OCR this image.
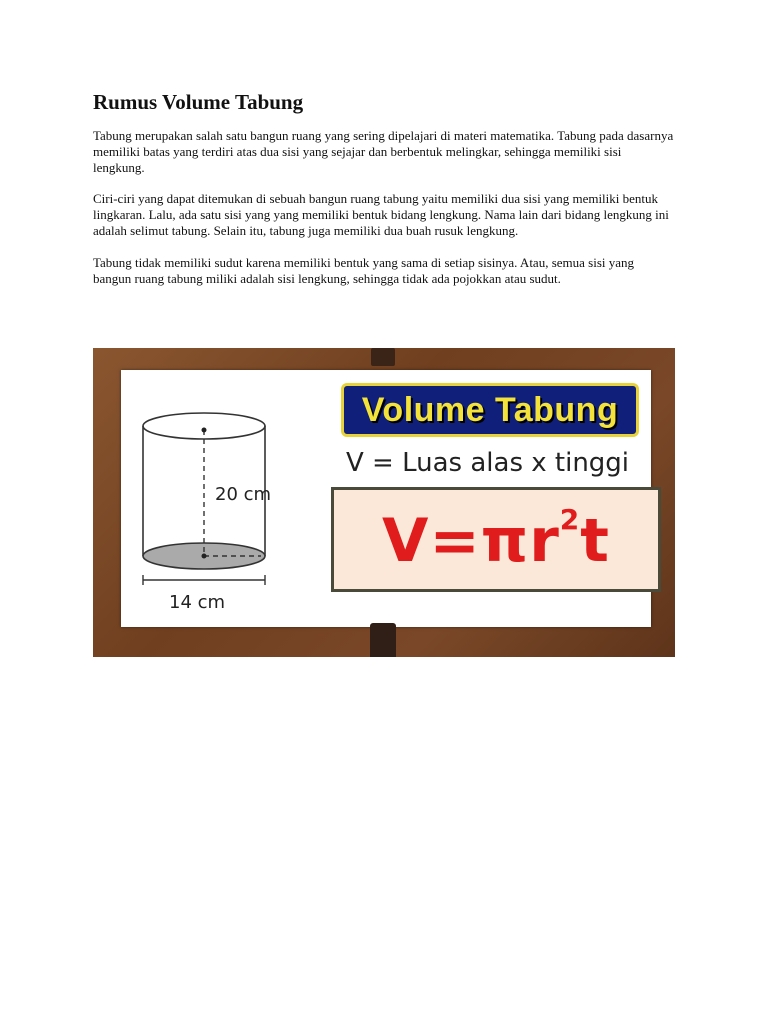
Rumus Volume Tabung

Tabung merupakan salah satu bangun ruang yang sering dipelajari di materi matematika. Tabung pada dasarnya memiliki batas yang terdiri atas dua sisi yang sejajar dan berbentuk melingkar, sehingga memiliki sisi lengkung.

Ciri-ciri yang dapat ditemukan di sebuah bangun ruang tabung yaitu memiliki dua sisi yang memiliki bentuk lingkaran. Lalu, ada satu sisi yang yang memiliki bentuk bidang lengkung. Nama lain dari bidang lengkung ini adalah selimut tabung. Selain itu, tabung juga memiliki dua buah rusuk lengkung.

Tabung tidak memiliki sudut karena memiliki bentuk yang sama di setiap sisinya. Atau, semua sisi yang bangun ruang tabung miliki adalah sisi lengkung, sehingga tidak ada pojokkan atau sudut.

20 cm
14 cm
Volume Tabung
V = Luas alas x tinggi
$V=\pi r^2t$
